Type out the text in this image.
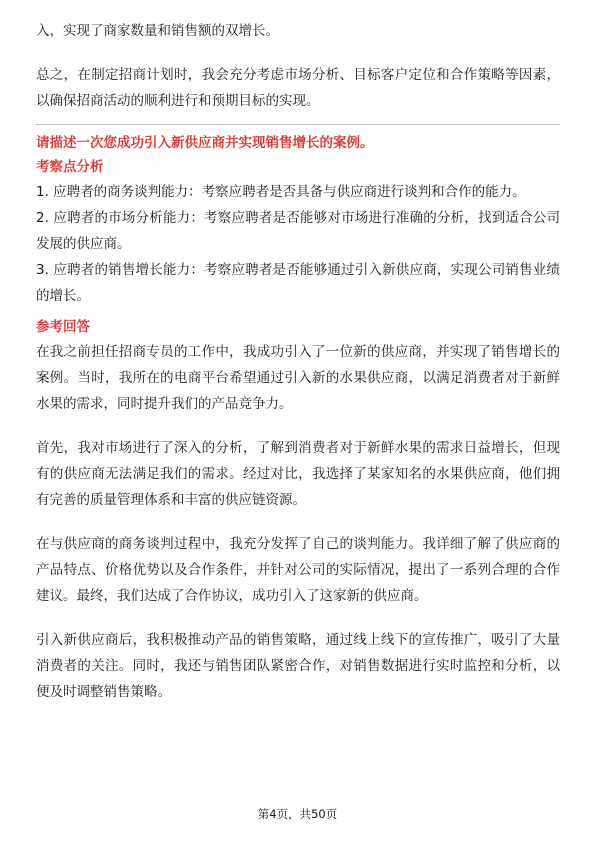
入，实现了商家数量和销售额的双增长。

总之，在制定招商计划时，我会充分考虑市场分析、目标客户定位和合作策略等因素，以确保招商活动的顺利进行和预期目标的实现。

请描述一次您成功引入新供应商并实现销售增长的案例。

考察点分析

1. 应聘者的商务谈判能力：考察应聘者是否具备与供应商进行谈判和合作的能力。

2. 应聘者的市场分析能力：考察应聘者是否能够对市场进行准确的分析，找到适合公司发展的供应商。

3. 应聘者的销售增长能力：考察应聘者是否能够通过引入新供应商，实现公司销售业绩的增长。

参考回答

在我之前担任招商专员的工作中，我成功引入了一位新的供应商，并实现了销售增长的案例。当时，我所在的电商平台希望通过引入新的水果供应商，以满足消费者对于新鲜水果的需求，同时提升我们的产品竞争力。

首先，我对市场进行了深入的分析，了解到消费者对于新鲜水果的需求日益增长，但现有的供应商无法满足我们的需求。经过对比，我选择了某家知名的水果供应商，他们拥有完善的质量管理体系和丰富的供应链资源。

在与供应商的商务谈判过程中，我充分发挥了自己的谈判能力。我详细了解了供应商的产品特点、价格优势以及合作条件，并针对公司的实际情况，提出了一系列合理的合作建议。最终，我们达成了合作协议，成功引入了这家新的供应商。

引入新供应商后，我积极推动产品的销售策略，通过线上线下的宣传推广，吸引了大量消费者的关注。同时，我还与销售团队紧密合作，对销售数据进行实时监控和分析，以便及时调整销售策略。

第4页，共50页
